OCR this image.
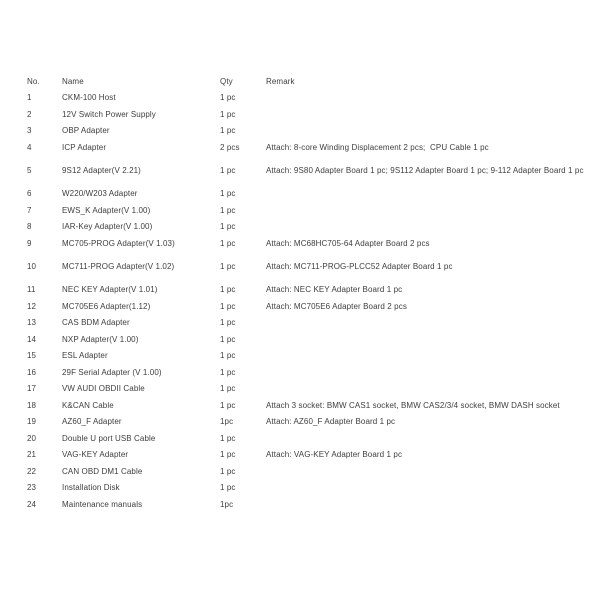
No.	Name	Qty	Remark
1	CKM-100 Host	1 pc	
2	12V Switch Power Supply	1 pc	
3	OBP Adapter	1 pc	
4	ICP Adapter	2 pcs	Attach: 8-core Winding Displacement 2 pcs;  CPU Cable 1 pc
5	9S12 Adapter(V 2.21)	1 pc	Attach: 9S80 Adapter Board 1 pc; 9S112 Adapter Board 1 pc; 9-112 Adapter Board 1 pc
6	W220/W203 Adapter	1 pc	
7	EWS_K Adapter(V 1.00)	1 pc	
8	IAR-Key Adapter(V 1.00)	1 pc	
9	MC705-PROG Adapter(V 1.03)	1 pc	Attach: MC68HC705-64 Adapter Board 2 pcs
10	MC711-PROG Adapter(V 1.02)	1 pc	Attach: MC711-PROG-PLCC52 Adapter Board 1 pc
11	NEC KEY Adapter(V 1.01)	1 pc	Attach: NEC KEY Adapter Board 1 pc
12	MC705E6 Adapter(1.12)	1 pc	Attach: MC705E6 Adapter Board 2 pcs
13	CAS BDM Adapter	1 pc	
14	NXP Adapter(V 1.00)	1 pc	
15	ESL Adapter	1 pc	
16	29F Serial Adapter (V 1.00)	1 pc	
17	VW AUDI OBDII Cable	1 pc	
18	K&CAN Cable	1 pc	Attach 3 socket: BMW CAS1 socket, BMW CAS2/3/4 socket, BMW DASH socket
19	AZ60_F Adapter	1pc	Attach: AZ60_F Adapter Board 1 pc
20	Double U port USB Cable	1 pc	
21	VAG-KEY Adapter	1 pc	Attach: VAG-KEY Adapter Board 1 pc
22	CAN OBD DM1 Cable	1 pc	
23	Installation Disk	1 pc	
24	Maintenance manuals	1pc	
